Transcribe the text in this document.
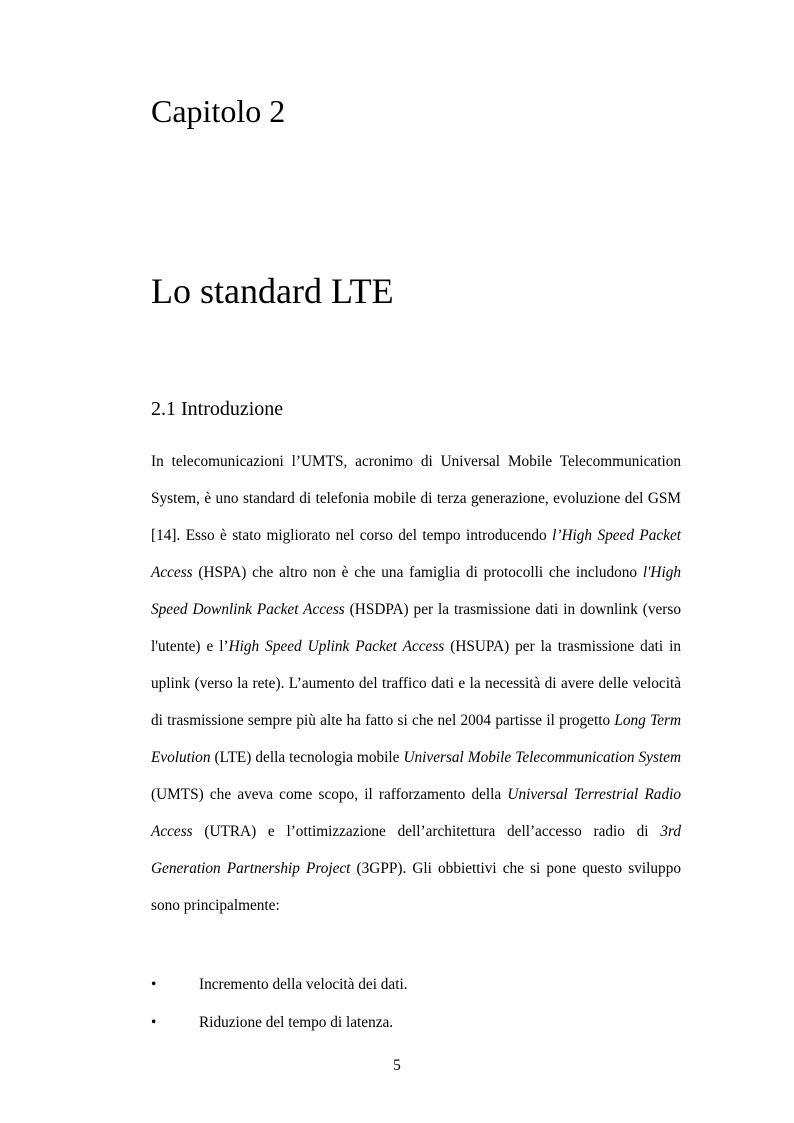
Capitolo 2
Lo standard LTE
2.1 Introduzione

In telecomunicazioni l’UMTS, acronimo di Universal Mobile Telecommunication System, è uno standard di telefonia mobile di terza generazione, evoluzione del GSM [14]. Esso è stato migliorato nel corso del tempo introducendo l’High Speed Packet Access (HSPA) che altro non è che una famiglia di protocolli che includono l'High Speed Downlink Packet Access (HSDPA) per la trasmissione dati in downlink (verso l'utente) e l’High Speed Uplink Packet Access (HSUPA) per la trasmissione dati in uplink (verso la rete). L’aumento del traffico dati e la necessità di avere delle velocità di trasmissione sempre più alte ha fatto si che nel 2004 partisse il progetto Long Term Evolution (LTE) della tecnologia mobile Universal Mobile Telecommunication System (UMTS) che aveva come scopo, il rafforzamento della Universal Terrestrial Radio Access (UTRA) e l’ottimizzazione dell’architettura dell’accesso radio di 3rd Generation Partnership Project (3GPP). Gli obbiettivi che si pone questo sviluppo sono principalmente:

•	Incremento della velocità dei dati.
•	Riduzione del tempo di latenza.
5
